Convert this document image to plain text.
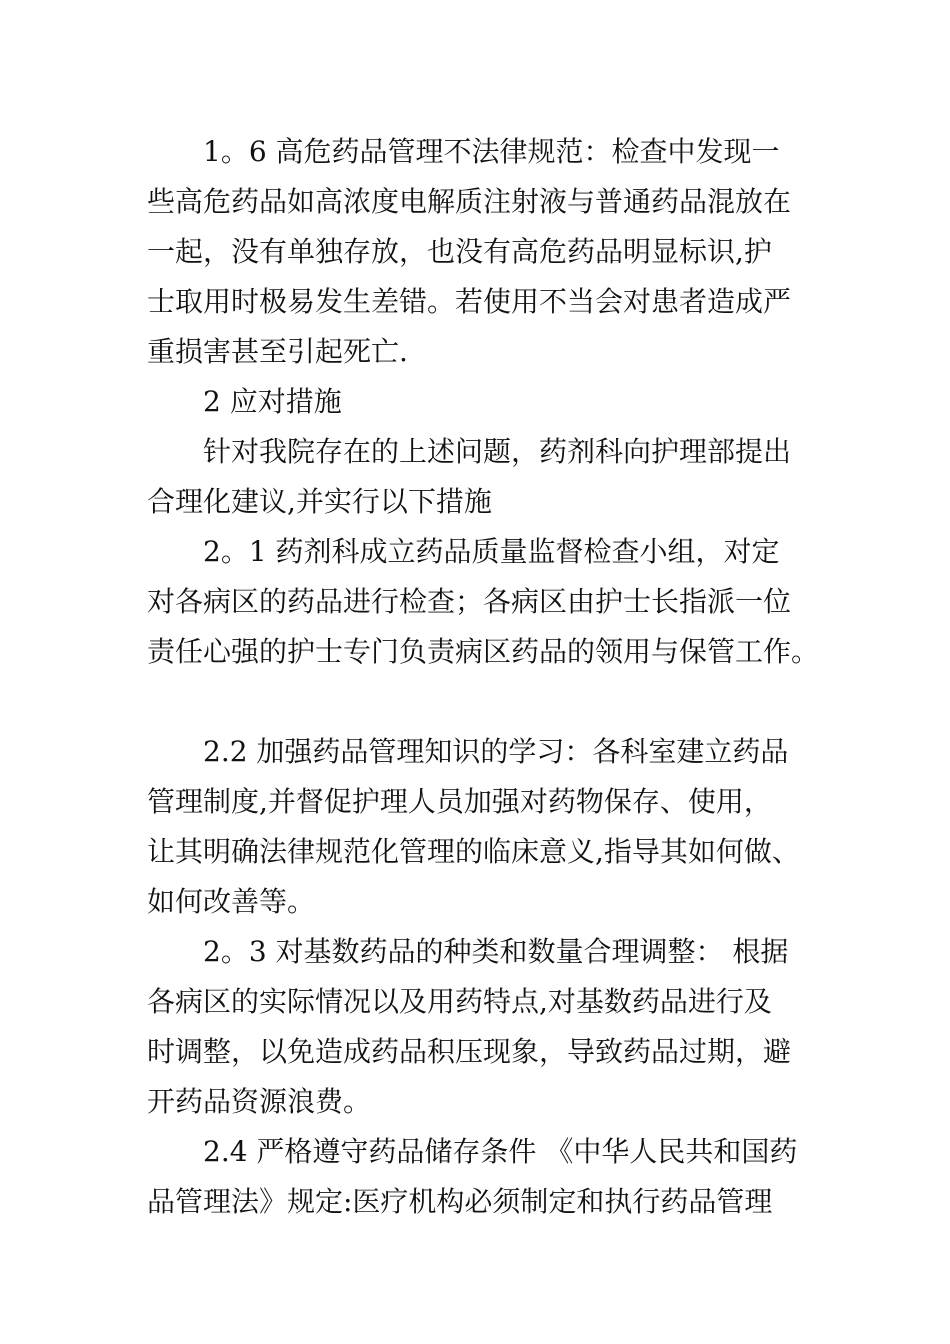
1。6 高危药品管理不法律规范：检查中发现一
些高危药品如高浓度电解质注射液与普通药品混放在
一起，没有单独存放，也没有高危药品明显标识,护
士取用时极易发生差错。若使用不当会对患者造成严
重损害甚至引起死亡.
2 应对措施
针对我院存在的上述问题，药剂科向护理部提出
合理化建议,并实行以下措施
2。1 药剂科成立药品质量监督检查小组，对定
对各病区的药品进行检查；各病区由护士长指派一位
责任心强的护士专门负责病区药品的领用与保管工作。
2.2 加强药品管理知识的学习：各科室建立药品
管理制度,并督促护理人员加强对药物保存、使用，
让其明确法律规范化管理的临床意义,指导其如何做、
如何改善等。
2。3 对基数药品的种类和数量合理调整： 根据
各病区的实际情况以及用药特点,对基数药品进行及
时调整，以免造成药品积压现象，导致药品过期，避
开药品资源浪费。
2.4 严格遵守药品储存条件 《中华人民共和国药
品管理法》规定:医疗机构必须制定和执行药品管理
